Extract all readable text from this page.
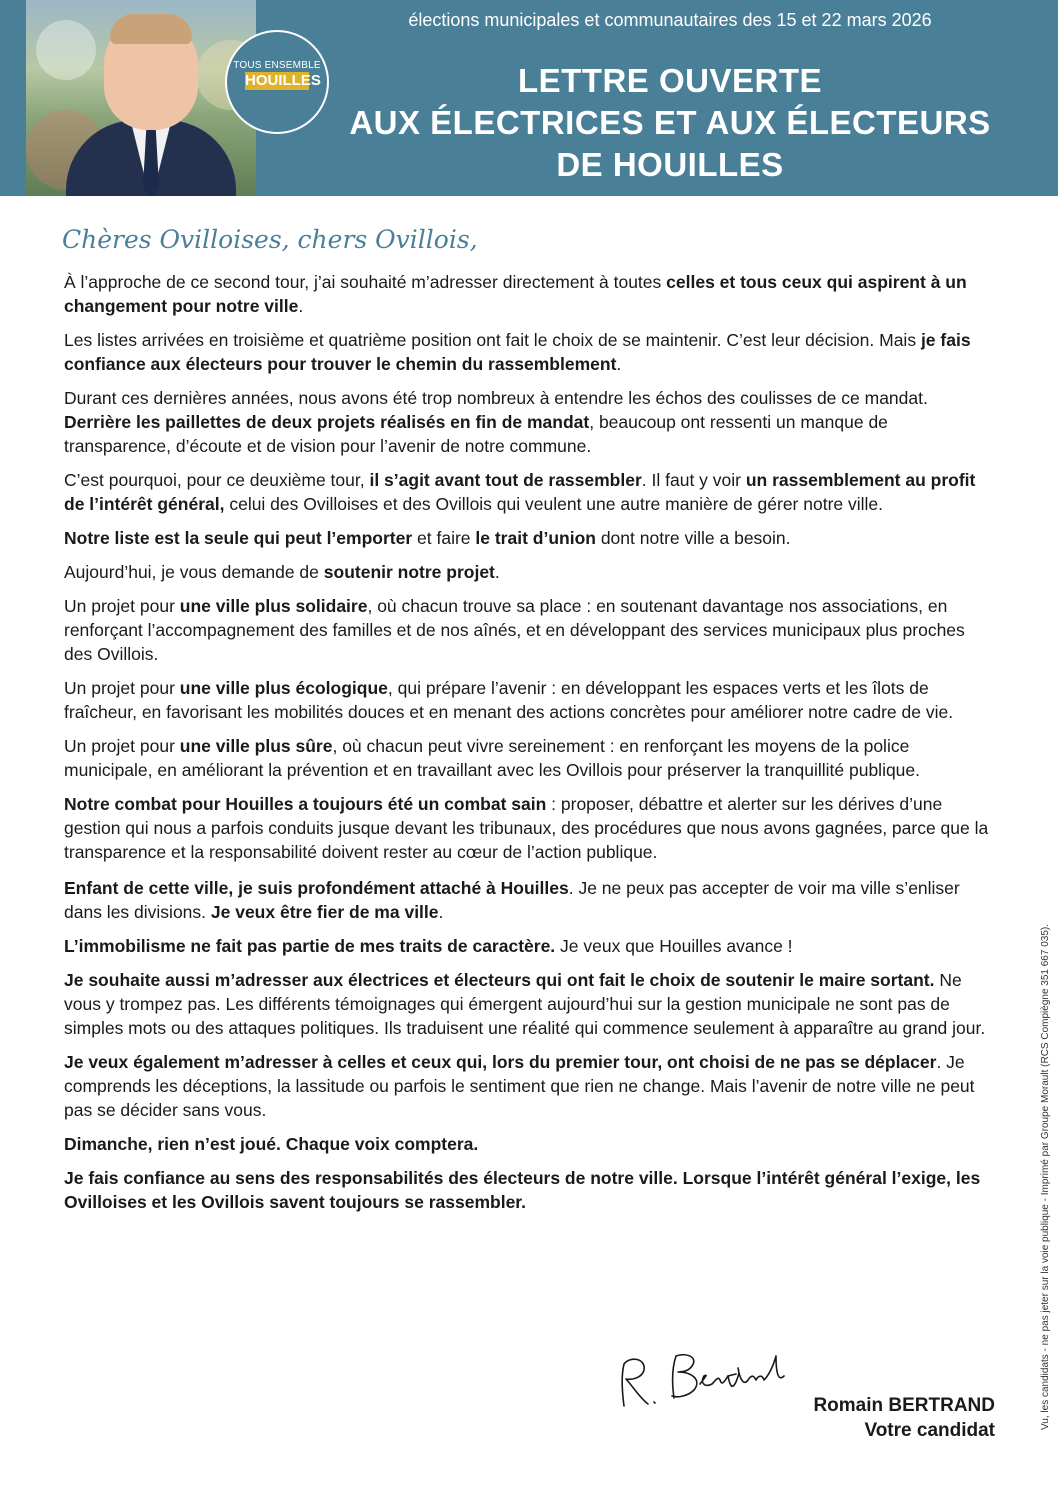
TOUS ENSEMBLE
HOUILLES
élections municipales et communautaires des 15 et 22 mars 2026
LETTRE OUVERTE
AUX ÉLECTRICES ET AUX ÉLECTEURS
DE HOUILLES
Chères Ovilloises, chers Ovillois,

À l’approche de ce second tour, j’ai souhaité m’adresser directement à toutes celles et tous ceux qui aspirent à un changement pour notre ville.

Les listes arrivées en troisième et quatrième position ont fait le choix de se maintenir. C’est leur décision. Mais je fais confiance aux électeurs pour trouver le chemin du rassemblement.

Durant ces dernières années, nous avons été trop nombreux à entendre les échos des coulisses de ce mandat. Derrière les paillettes de deux projets réalisés en fin de mandat, beaucoup ont ressenti un manque de transparence, d’écoute et de vision pour l’avenir de notre commune.

C’est pourquoi, pour ce deuxième tour, il s’agit avant tout de rassembler. Il faut y voir un rassemblement au profit de l’intérêt général, celui des Ovilloises et des Ovillois qui veulent une autre manière de gérer notre ville.

Notre liste est la seule qui peut l’emporter et faire le trait d’union dont notre ville a besoin.

Aujourd’hui, je vous demande de soutenir notre projet.

Un projet pour une ville plus solidaire, où chacun trouve sa place : en soutenant davantage nos associations, en renforçant l’accompagnement des familles et de nos aînés, et en développant des services municipaux plus proches des Ovillois.

Un projet pour une ville plus écologique, qui prépare l’avenir : en développant les espaces verts et les îlots de fraîcheur, en favorisant les mobilités douces et en menant des actions concrètes pour améliorer notre cadre de vie.

Un projet pour une ville plus sûre, où chacun peut vivre sereinement : en renforçant les moyens de la police municipale, en améliorant la prévention et en travaillant avec les Ovillois pour préserver la tranquillité publique.

Notre combat pour Houilles a toujours été un combat sain : proposer, débattre et alerter sur les dérives d’une gestion qui nous a parfois conduits jusque devant les tribunaux, des procédures que nous avons gagnées, parce que la transparence et la responsabilité doivent rester au cœur de l’action publique.

Enfant de cette ville, je suis profondément attaché à Houilles. Je ne peux pas accepter de voir ma ville s’enliser dans les divisions. Je veux être fier de ma ville.

L’immobilisme ne fait pas partie de mes traits de caractère. Je veux que Houilles avance !

Je souhaite aussi m’adresser aux électrices et électeurs qui ont fait le choix de soutenir le maire sortant. Ne vous y trompez pas. Les différents témoignages qui émergent aujourd’hui sur la gestion municipale ne sont pas de simples mots ou des attaques politiques. Ils traduisent une réalité qui commence seulement à apparaître au grand jour.

Je veux également m’adresser à celles et ceux qui, lors du premier tour, ont choisi de ne pas se déplacer. Je comprends les déceptions, la lassitude ou parfois le sentiment que rien ne change. Mais l’avenir de notre ville ne peut pas se décider sans vous.

Dimanche, rien n’est joué. Chaque voix comptera.

Je fais confiance au sens des responsabilités des électeurs de notre ville. Lorsque l’intérêt général l’exige, les Ovilloises et les Ovillois savent toujours se rassembler.

Romain BERTRAND
Votre candidat
Vu, les candidats - ne pas jeter sur la voie publique - Imprimé par Groupe Morault (RCS Compiègne 351 667 035).
